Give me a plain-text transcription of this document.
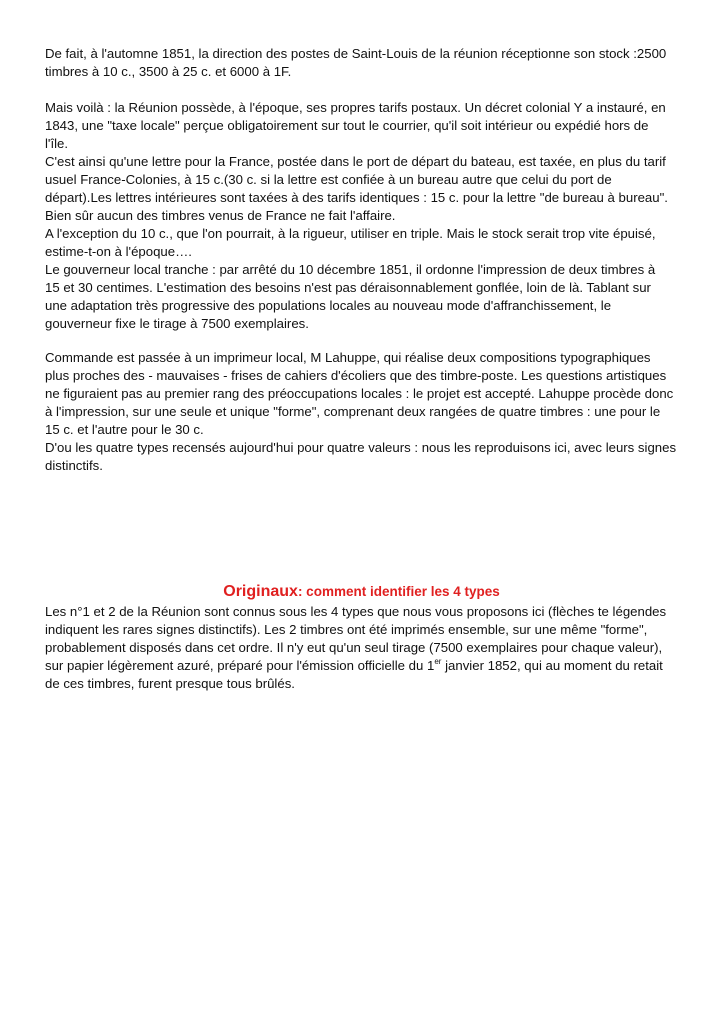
De fait, à l'automne 1851, la direction des postes de Saint-Louis de la réunion réceptionne son stock :2500
timbres à 10 c., 3500 à 25 c. et 6000 à 1F.
Mais voilà : la Réunion possède, à l'époque, ses propres tarifs postaux. Un décret colonial Y a instauré, en
1843, une "taxe locale" perçue obligatoirement sur tout le courrier, qu'il soit intérieur ou expédié hors de
l'île.
C'est ainsi qu'une lettre pour la France, postée dans le port de départ du bateau, est taxée, en plus du tarif
usuel France-Colonies, à 15 c.(30 c. si la lettre est confiée à un bureau autre que celui du port de
départ).Les lettres intérieures sont taxées à des tarifs identiques : 15 c. pour la lettre "de bureau à bureau".
Bien sûr aucun des timbres venus de France ne fait l'affaire.
A l'exception du 10 c., que l'on pourrait, à la rigueur, utiliser en triple. Mais le stock serait trop vite épuisé,
estime-t-on à l'époque….
Le gouverneur local tranche : par arrêté du 10 décembre 1851, il ordonne l'impression de deux timbres à
15 et 30 centimes. L'estimation des besoins n'est pas déraisonnablement gonflée, loin de là. Tablant sur
une adaptation très progressive des populations locales au nouveau mode d'affranchissement, le
gouverneur fixe le tirage à 7500 exemplaires.
Commande est passée à un imprimeur local, M Lahuppe, qui réalise deux compositions typographiques
plus proches des - mauvaises - frises de cahiers d'écoliers que des timbre-poste. Les questions artistiques
ne figuraient pas au premier rang des préoccupations locales : le projet est accepté. Lahuppe procède donc
à l'impression, sur une seule et unique "forme", comprenant deux rangées de quatre timbres : une pour le
15 c. et l'autre pour le 30 c.
D'ou les quatre types recensés aujourd'hui pour quatre valeurs : nous les reproduisons ici, avec leurs signes
distinctifs.
Originaux: comment identifier les 4 types
Les n°1 et 2 de la Réunion sont connus sous les 4 types que nous vous proposons ici (flèches te légendes
indiquent les rares signes distinctifs). Les 2 timbres ont été imprimés ensemble, sur une même "forme",
probablement disposés dans cet ordre. Il n'y eut qu'un seul tirage (7500 exemplaires pour chaque valeur),
sur papier légèrement azuré, préparé pour l'émission officielle du 1er janvier 1852, qui au moment du retait
de ces timbres, furent presque tous brûlés.
